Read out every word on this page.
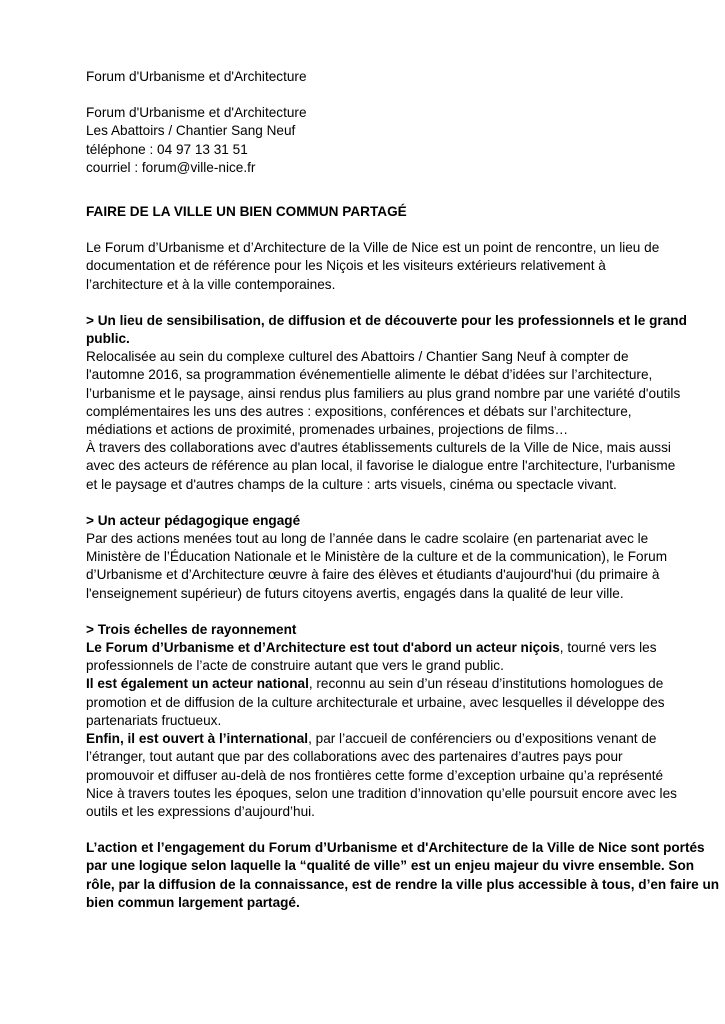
Forum d'Urbanisme et d'Architecture
Forum d'Urbanisme et d'Architecture
Les Abattoirs / Chantier Sang Neuf
téléphone : 04 97 13 31 51
courriel : forum@ville-nice.fr
FAIRE DE LA VILLE UN BIEN COMMUN PARTAGÉ
Le Forum d’Urbanisme et d’Architecture de la Ville de Nice est un point de rencontre, un lieu de
documentation et de référence pour les Niçois et les visiteurs extérieurs relativement à
l’architecture et à la ville contemporaines.
> Un lieu de sensibilisation, de diffusion et de découverte pour les professionnels et le grand
public.
Relocalisée au sein du complexe culturel des Abattoirs / Chantier Sang Neuf à compter de
l'automne 2016, sa programmation événementielle alimente le débat d’idées sur l’architecture,
l’urbanisme et le paysage, ainsi rendus plus familiers au plus grand nombre par une variété d'outils
complémentaires les uns des autres : expositions, conférences et débats sur l’architecture,
médiations et actions de proximité, promenades urbaines, projections de films…
À travers des collaborations avec d'autres établissements culturels de la Ville de Nice, mais aussi
avec des acteurs de référence au plan local, il favorise le dialogue entre l'architecture, l'urbanisme
et le paysage et d'autres champs de la culture : arts visuels, cinéma ou spectacle vivant.
> Un acteur pédagogique engagé
Par des actions menées tout au long de l’année dans le cadre scolaire (en partenariat avec le
Ministère de l’Éducation Nationale et le Ministère de la culture et de la communication), le Forum
d’Urbanisme et d’Architecture œuvre à faire des élèves et étudiants d'aujourd'hui (du primaire à
l'enseignement supérieur) de futurs citoyens avertis, engagés dans la qualité de leur ville.
> Trois échelles de rayonnement
Le Forum d’Urbanisme et d’Architecture est tout d'abord un acteur niçois, tourné vers les
professionnels de l’acte de construire autant que vers le grand public.
Il est également un acteur national, reconnu au sein d’un réseau d’institutions homologues de
promotion et de diffusion de la culture architecturale et urbaine, avec lesquelles il développe des
partenariats fructueux.
Enfin, il est ouvert à l’international, par l’accueil de conférenciers ou d’expositions venant de
l’étranger, tout autant que par des collaborations avec des partenaires d’autres pays pour
promouvoir et diffuser au-delà de nos frontières cette forme d’exception urbaine qu’a représenté
Nice à travers toutes les époques, selon une tradition d’innovation qu’elle poursuit encore avec les
outils et les expressions d’aujourd’hui.
L’action et l’engagement du Forum d’Urbanisme et d'Architecture de la Ville de Nice sont portés
par une logique selon laquelle la “qualité de ville” est un enjeu majeur du vivre ensemble. Son
rôle, par la diffusion de la connaissance, est de rendre la ville plus accessible à tous, d’en faire un
bien commun largement partagé.
